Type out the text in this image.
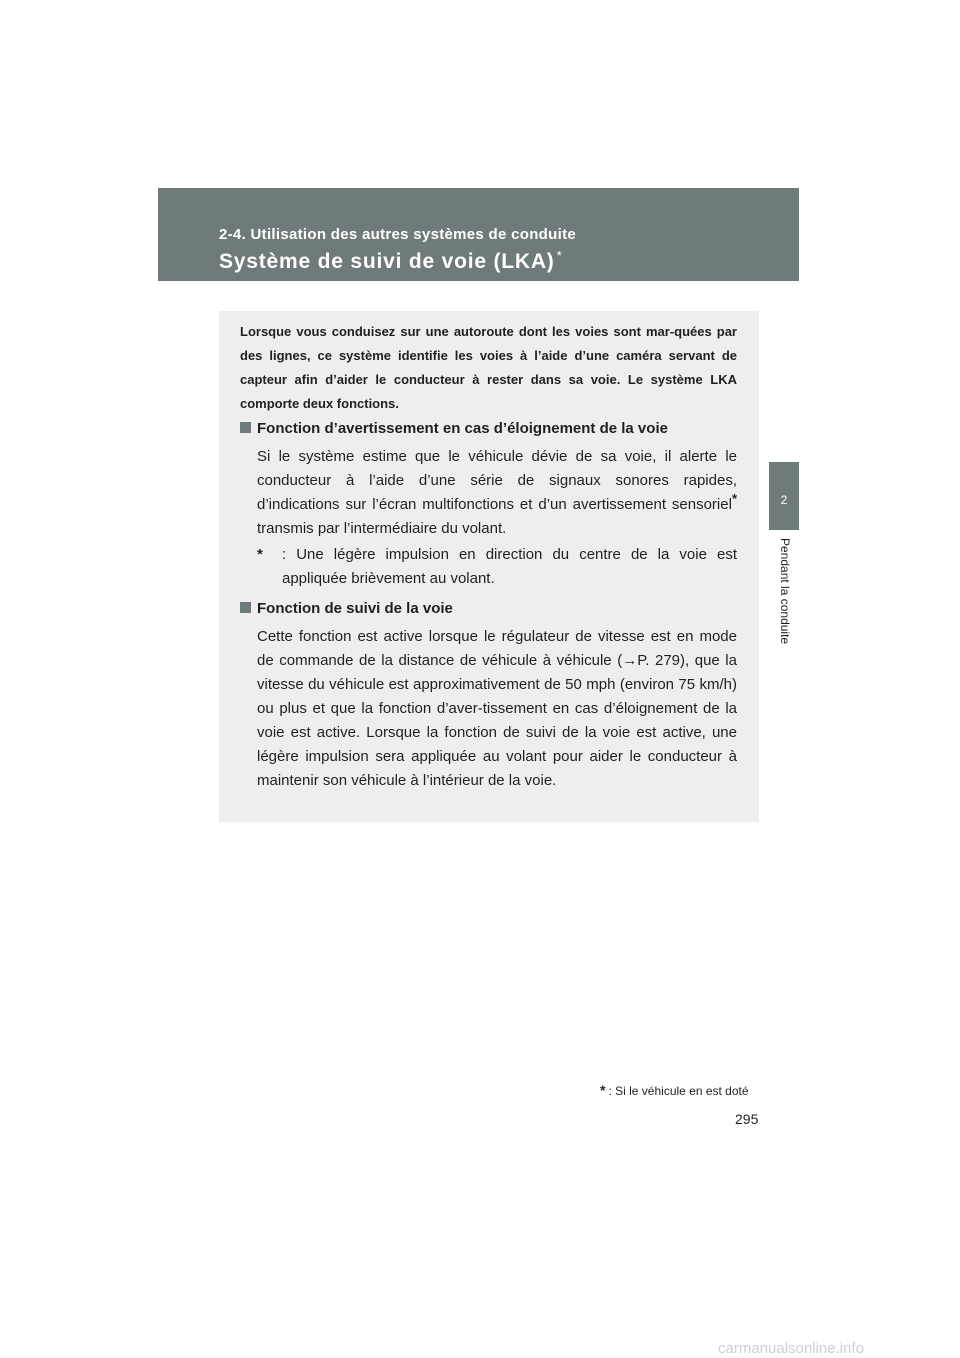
2-4. Utilisation des autres systèmes de conduite
Système de suivi de voie (LKA) *
2
Pendant la conduite

Lorsque vous conduisez sur une autoroute dont les voies sont mar-quées par des lignes, ce système identifie les voies à l’aide d’une caméra servant de capteur afin d’aider le conducteur à rester dans sa voie. Le système LKA comporte deux fonctions.

Fonction d’avertissement en cas d’éloignement de la voie

Si le système estime que le véhicule dévie de sa voie, il alerte le conducteur à l’aide d’une série de signaux sonores rapides, d’indications sur l’écran multifonctions et d’un avertissement sensoriel* transmis par l’intermédiaire du volant.

*	: Une légère impulsion en direction du centre de la voie est appliquée brièvement au volant.
Fonction de suivi de la voie

Cette fonction est active lorsque le régulateur de vitesse est en mode de commande de la distance de véhicule à véhicule (→P. 279), que la vitesse du véhicule est approximativement de 50 mph (environ 75 km/h) ou plus et que la fonction d’aver-tissement en cas d’éloignement de la voie est active. Lorsque la fonction de suivi de la voie est active, une légère impulsion sera appliquée au volant pour aider le conducteur à maintenir son véhicule à l’intérieur de la voie.

* : Si le véhicule en est doté
295
carmanualsonline.info
